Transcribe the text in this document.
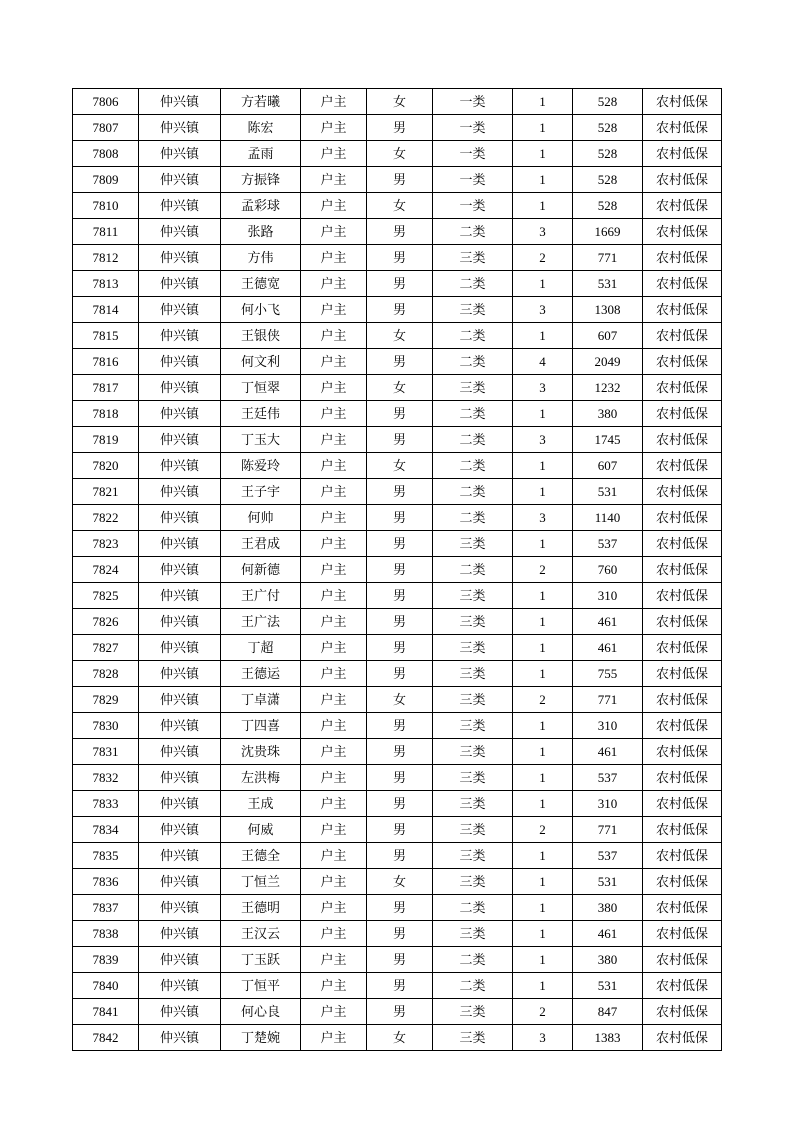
7806	仲兴镇	方若曦	户主	女	一类	1	528	农村低保
7807	仲兴镇	陈宏	户主	男	一类	1	528	农村低保
7808	仲兴镇	孟雨	户主	女	一类	1	528	农村低保
7809	仲兴镇	方振锋	户主	男	一类	1	528	农村低保
7810	仲兴镇	孟彩球	户主	女	一类	1	528	农村低保
7811	仲兴镇	张路	户主	男	二类	3	1669	农村低保
7812	仲兴镇	方伟	户主	男	三类	2	771	农村低保
7813	仲兴镇	王德宽	户主	男	二类	1	531	农村低保
7814	仲兴镇	何小飞	户主	男	三类	3	1308	农村低保
7815	仲兴镇	王银侠	户主	女	二类	1	607	农村低保
7816	仲兴镇	何文利	户主	男	二类	4	2049	农村低保
7817	仲兴镇	丁恒翠	户主	女	三类	3	1232	农村低保
7818	仲兴镇	王廷伟	户主	男	二类	1	380	农村低保
7819	仲兴镇	丁玉大	户主	男	二类	3	1745	农村低保
7820	仲兴镇	陈爱玲	户主	女	二类	1	607	农村低保
7821	仲兴镇	王子宇	户主	男	二类	1	531	农村低保
7822	仲兴镇	何帅	户主	男	二类	3	1140	农村低保
7823	仲兴镇	王君成	户主	男	三类	1	537	农村低保
7824	仲兴镇	何新德	户主	男	二类	2	760	农村低保
7825	仲兴镇	王广付	户主	男	三类	1	310	农村低保
7826	仲兴镇	王广法	户主	男	三类	1	461	农村低保
7827	仲兴镇	丁超	户主	男	三类	1	461	农村低保
7828	仲兴镇	王德运	户主	男	三类	1	755	农村低保
7829	仲兴镇	丁卓潇	户主	女	三类	2	771	农村低保
7830	仲兴镇	丁四喜	户主	男	三类	1	310	农村低保
7831	仲兴镇	沈贵珠	户主	男	三类	1	461	农村低保
7832	仲兴镇	左洪梅	户主	男	三类	1	537	农村低保
7833	仲兴镇	王成	户主	男	三类	1	310	农村低保
7834	仲兴镇	何威	户主	男	三类	2	771	农村低保
7835	仲兴镇	王德全	户主	男	三类	1	537	农村低保
7836	仲兴镇	丁恒兰	户主	女	三类	1	531	农村低保
7837	仲兴镇	王德明	户主	男	二类	1	380	农村低保
7838	仲兴镇	王汉云	户主	男	三类	1	461	农村低保
7839	仲兴镇	丁玉跃	户主	男	二类	1	380	农村低保
7840	仲兴镇	丁恒平	户主	男	二类	1	531	农村低保
7841	仲兴镇	何心良	户主	男	三类	2	847	农村低保
7842	仲兴镇	丁楚婉	户主	女	三类	3	1383	农村低保
